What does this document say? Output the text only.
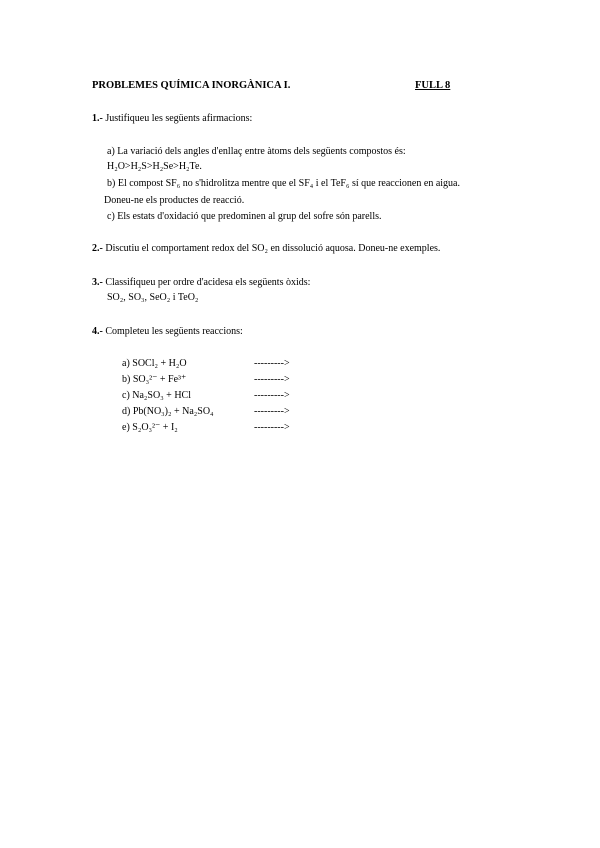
PROBLEMES QUÍMICA INORGÀNICA I.	FULL 8
1.- Justifiqueu les següents afirmacions:
a) La variació dels angles d'enllaç entre àtoms dels següents compostos és:
H₂O>H₂S>H₂Se>H₂Te.
b) El compost SF₆ no s'hidrolitza mentre que el SF₄ i el TeF₆ sí que reaccionen en aigua.
Doneu-ne els productes de reacció.
c) Els estats d'oxidació que predominen al grup del sofre són parells.
2.- Discutiu el comportament redox del SO₂ en dissolució aquosa. Doneu-ne exemples.
3.- Classifiqueu per ordre d'acidesa els següents òxids:
SO₂, SO₃, SeO₂ i TeO₂
4.- Completeu les següents reaccions:
a) SOCl₂ + H₂O	--------->
b) SO₃²⁻ + Fe³⁺	--------->
c) Na₂SO₃ + HCl	--------->
d) Pb(NO₃)₂ + Na₂SO₄	--------->
e) S₂O₃²⁻ + I₂	--------->
